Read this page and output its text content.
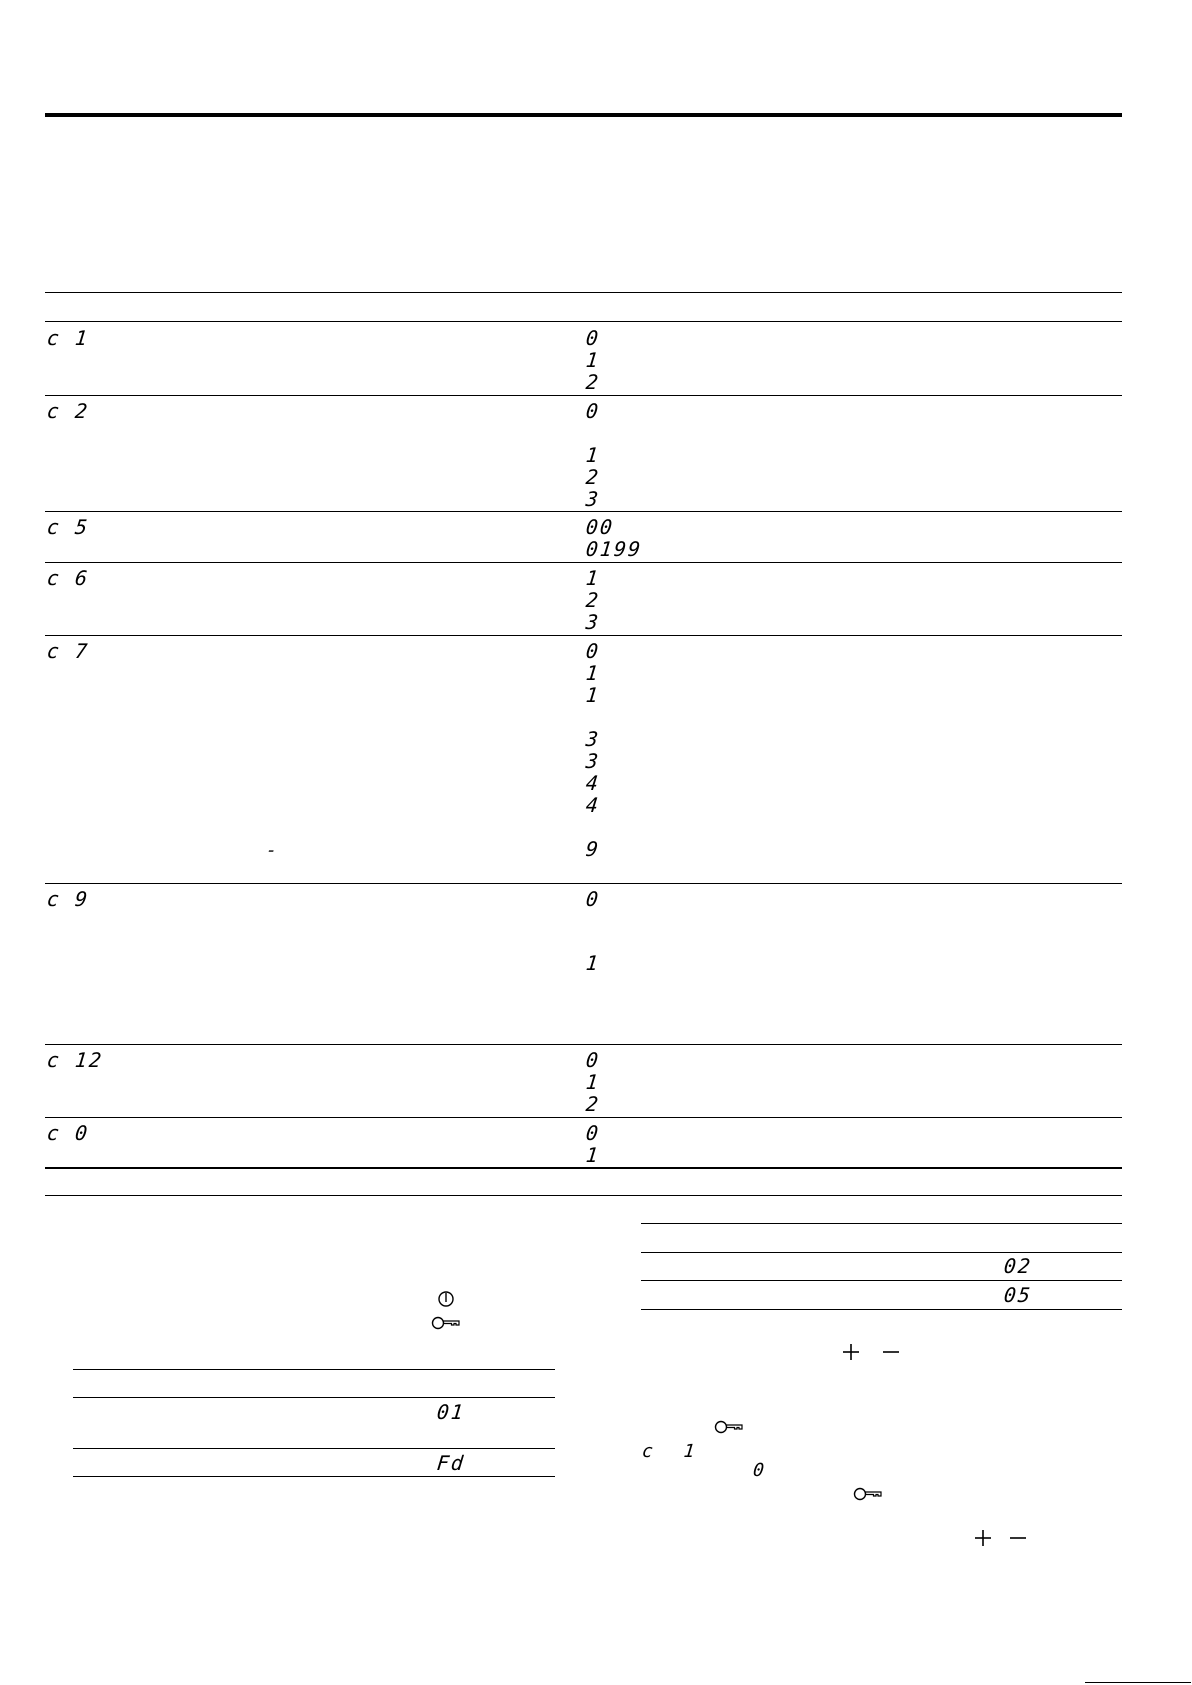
c 1	0
1
2
c 2	0
1
2
3
c 5	00
0199
c 6	1
2
3
c 7	0
1
1
3
3
4
4
9
-
c 9	0
1
c 12	0
1
2
c 0	0
1
01
Fd
02
05
c 1
0
